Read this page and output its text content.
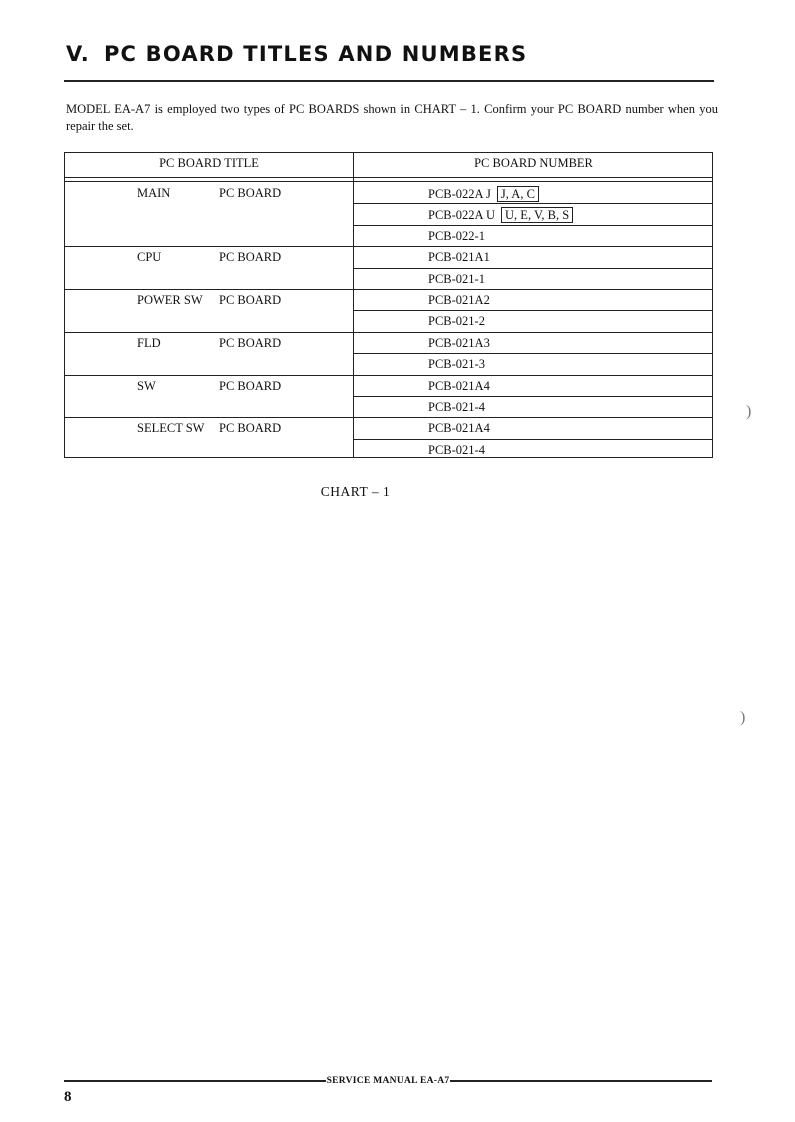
V. PC BOARD TITLES AND NUMBERS

MODEL EA-A7 is employed two types of PC BOARDS shown in CHART – 1. Confirm your PC BOARD number when you repair the set.

PC BOARD TITLE	PC BOARD NUMBER
MAIN	PC BOARD	PCB-022A J J, A, C
PCB-022A U U, E, V, B, S
PCB-022-1
CPU	PC BOARD	PCB-021A1
PCB-021-1
POWER SW PC BOARD	PCB-021A2
PCB-021-2
FLD	PC BOARD	PCB-021A3
PCB-021-3
SW	PC BOARD	PCB-021A4
PCB-021-4
SELECT SW PC BOARD	PCB-021A4
PCB-021-4
CHART – 1
)
)
SERVICE MANUAL EA-A7
8
